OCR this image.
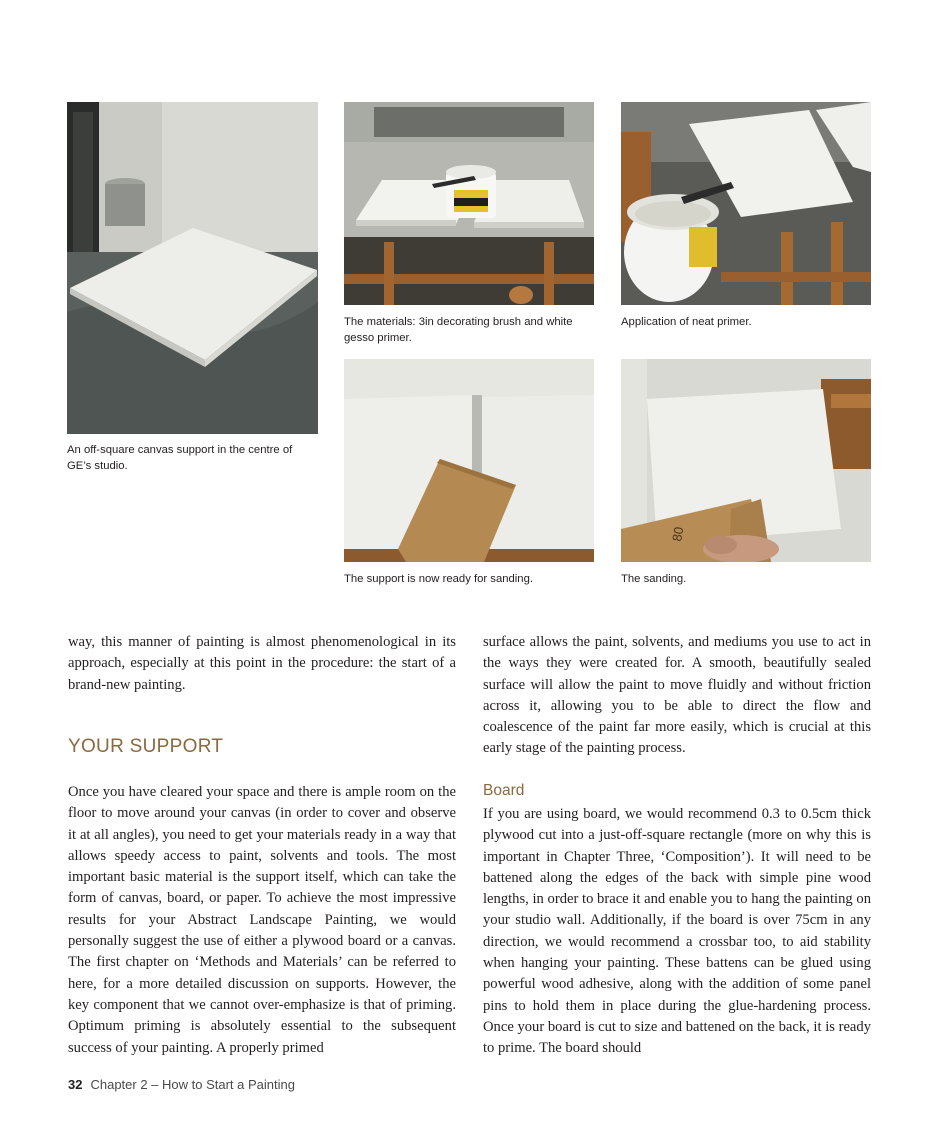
An off-square canvas support in the centre of GE’s studio.
The materials: 3in decorating brush and white gesso primer.
Application of neat primer.
The support is now ready for sanding.
80
The sanding.

way, this manner of painting is almost phenomenological in its approach, especially at this point in the procedure: the start of a brand-new painting.

YOUR SUPPORT

Once you have cleared your space and there is ample room on the floor to move around your canvas (in order to cover and observe it at all angles), you need to get your materials ready in a way that allows speedy access to paint, solvents and tools. The most important basic material is the support itself, which can take the form of canvas, board, or paper. To achieve the most impressive results for your Abstract Landscape Painting, we would personally suggest the use of either a plywood board or a canvas. The first chapter on ‘Methods and Materials’ can be referred to here, for a more detailed discussion on supports. However, the key component that we cannot over-emphasize is that of priming. Optimum priming is absolutely essential to the subsequent success of your painting. A properly primed

surface allows the paint, solvents, and mediums you use to act in the ways they were created for. A smooth, beautifully sealed surface will allow the paint to move fluidly and without friction across it, allowing you to be able to direct the flow and coalescence of the paint far more easily, which is crucial at this early stage of the painting process.

Board

If you are using board, we would recommend 0.3 to 0.5cm thick plywood cut into a just-off-square rectangle (more on why this is important in Chapter Three, ‘Composition’). It will need to be battened along the edges of the back with simple pine wood lengths, in order to brace it and enable you to hang the painting on your studio wall. Additionally, if the board is over 75cm in any direction, we would recommend a crossbar too, to aid stability when hanging your painting. These battens can be glued using powerful wood adhesive, along with the addition of some panel pins to hold them in place during the glue-hardening process. Once your board is cut to size and battened on the back, it is ready to prime. The board should

32 Chapter 2 – How to Start a Painting
